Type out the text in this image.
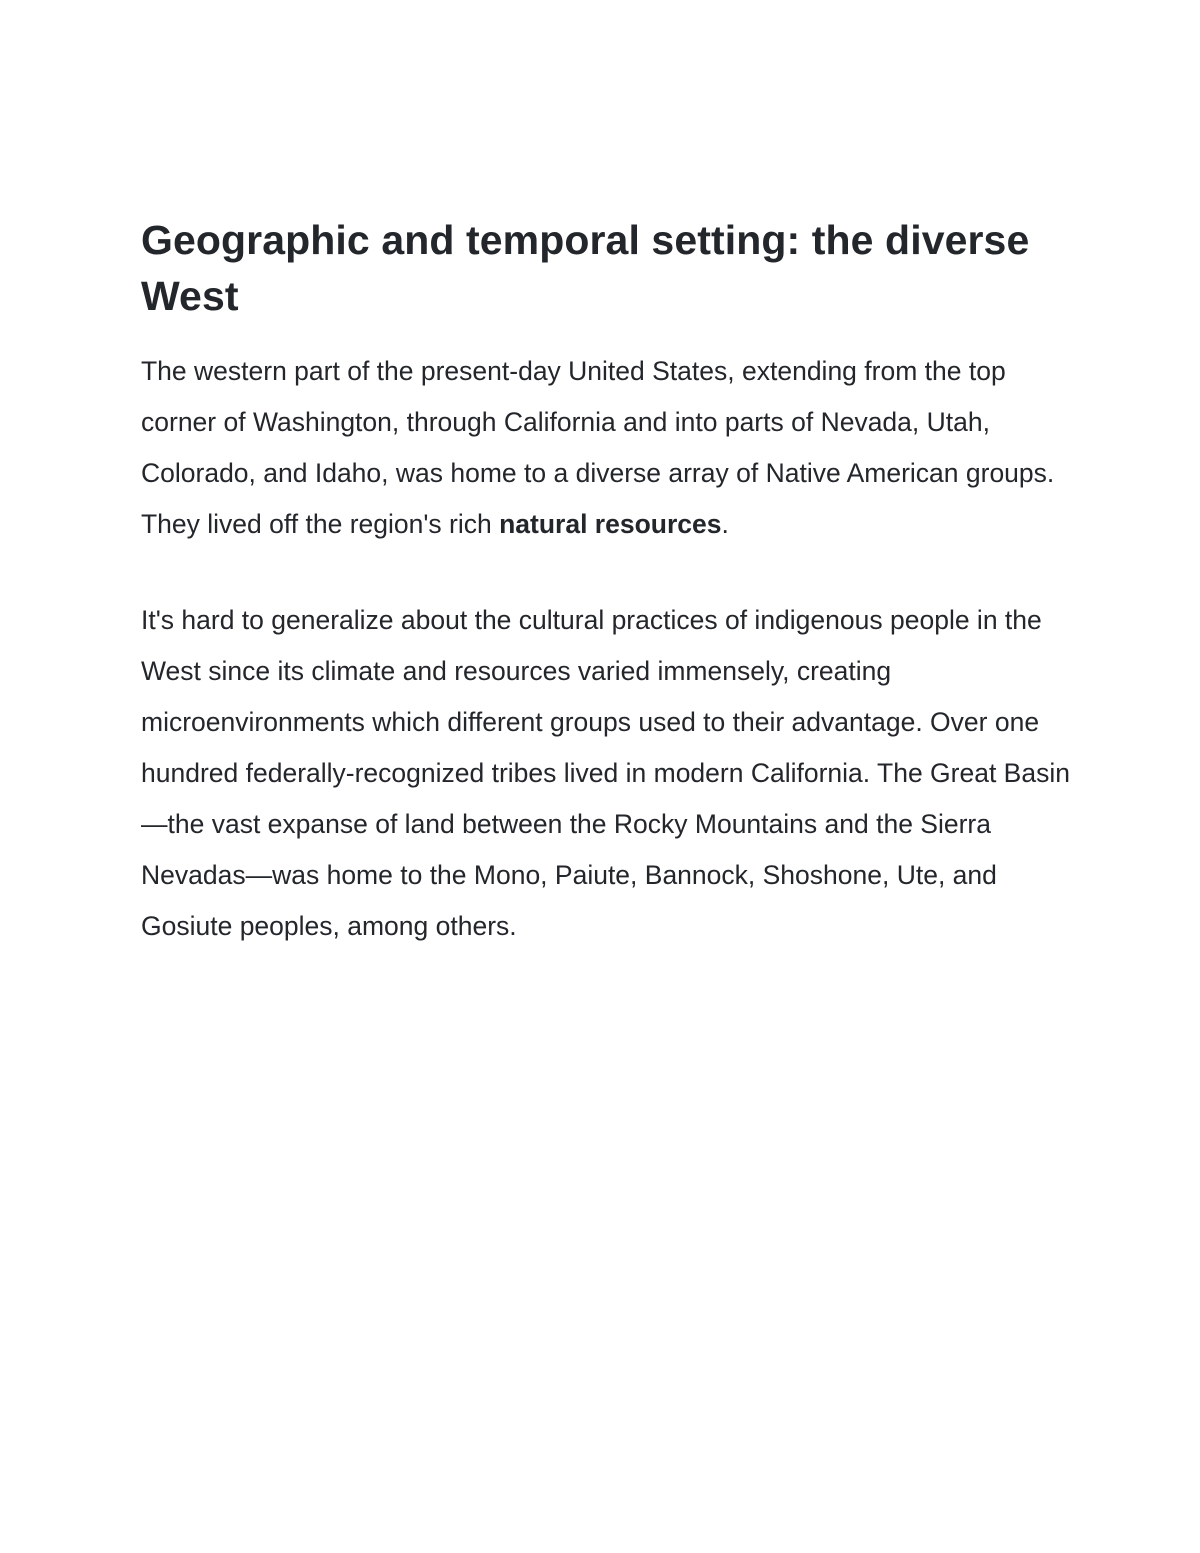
Geographic and temporal setting: the diverse West

The western part of the present-day United States, extending from the top corner of Washington, through California and into parts of Nevada, Utah, Colorado, and Idaho, was home to a diverse array of Native American groups. They lived off the region's rich natural resources.

It's hard to generalize about the cultural practices of indigenous people in the West since its climate and resources varied immensely, creating microenvironments which different groups used to their advantage. Over one hundred federally-recognized tribes lived in modern California. The Great Basin—the vast expanse of land between the Rocky Mountains and the Sierra Nevadas—was home to the Mono, Paiute, Bannock, Shoshone, Ute, and Gosiute peoples, among others.
